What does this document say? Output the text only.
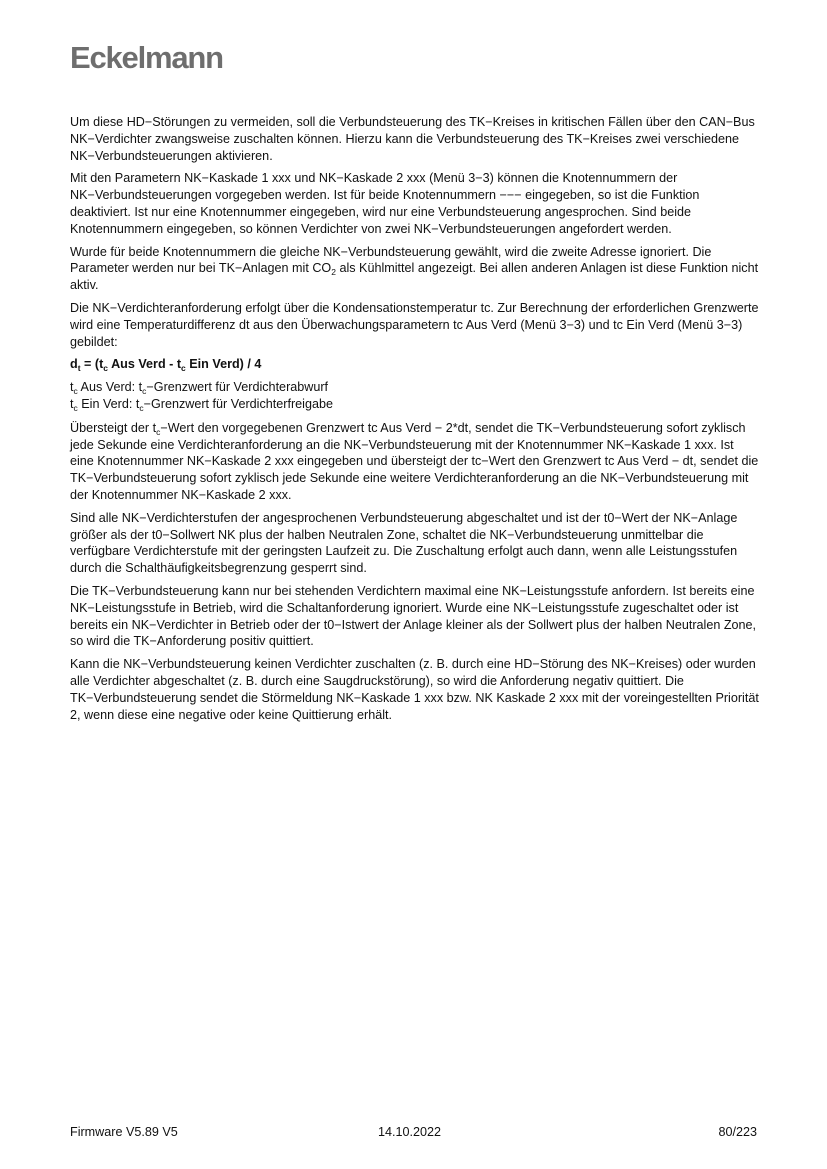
Eckelmann

Um diese HD−Störungen zu vermeiden, soll die Verbundsteuerung des TK−Kreises in kritischen Fällen über den CAN−Bus NK−Verdichter zwangsweise zuschalten können. Hierzu kann die Verbundsteuerung des TK−Kreises zwei verschiedene NK−Verbundsteuerungen aktivieren.

Mit den Parametern NK−Kaskade 1 xxx und NK−Kaskade 2 xxx (Menü 3−3) können die Knotennummern der NK−Verbundsteuerungen vorgegeben werden. Ist für beide Knotennummern −−− eingegeben, so ist die Funktion deaktiviert. Ist nur eine Knotennummer eingegeben, wird nur eine Verbundsteuerung angesprochen. Sind beide Knotennummern eingegeben, so können Verdichter von zwei NK−Verbundsteuerungen angefordert werden.

Wurde für beide Knotennummern die gleiche NK−Verbundsteuerung gewählt, wird die zweite Adresse ignoriert. Die Parameter werden nur bei TK−Anlagen mit $CO_2$ als Kühlmittel angezeigt. Bei allen anderen Anlagen ist diese Funktion nicht aktiv.

Die NK−Verdichteranforderung erfolgt über die Kondensationstemperatur tc. Zur Berechnung der erforderlichen Grenzwerte wird eine Temperaturdifferenz dt aus den Überwachungsparametern tc Aus Verd (Menü 3−3) und tc Ein Verd (Menü 3−3) gebildet:

$d_t = (t_c$ Aus Verd - $t_c$ Ein Verd) / 4

$t_c$ Aus Verd: $t_c-Grenzwert$ für Verdichterabwurf

$t_c$ Ein Verd: $t_c-Grenzwert$ für Verdichterfreigabe

Übersteigt der $t_c-Wert$ den vorgegebenen Grenzwert tc Aus Verd − 2*dt, sendet die TK−Verbundsteuerung sofort zyklisch jede Sekunde eine Verdichteranforderung an die NK−Verbundsteuerung mit der Knotennummer NK−Kaskade 1 xxx. Ist eine Knotennummer NK−Kaskade 2 xxx eingegeben und übersteigt der tc−Wert den Grenzwert tc Aus Verd − dt, sendet die TK−Verbundsteuerung sofort zyklisch jede Sekunde eine weitere Verdichteranforderung an die NK−Verbundsteuerung mit der Knotennummer NK−Kaskade 2 xxx.

Sind alle NK−Verdichterstufen der angesprochenen Verbundsteuerung abgeschaltet und ist der t0−Wert der NK−Anlage größer als der t0−Sollwert NK plus der halben Neutralen Zone, schaltet die NK−Verbundsteuerung unmittelbar die verfügbare Verdichterstufe mit der geringsten Laufzeit zu. Die Zuschaltung erfolgt auch dann, wenn alle Leistungsstufen durch die Schalthäufigkeitsbegrenzung gesperrt sind.

Die TK−Verbundsteuerung kann nur bei stehenden Verdichtern maximal eine NK−Leistungsstufe anfordern. Ist bereits eine NK−Leistungsstufe in Betrieb, wird die Schaltanforderung ignoriert. Wurde eine NK−Leistungsstufe zugeschaltet oder ist bereits ein NK−Verdichter in Betrieb oder der t0−Istwert der Anlage kleiner als der Sollwert plus der halben Neutralen Zone, so wird die TK−Anforderung positiv quittiert.

Kann die NK−Verbundsteuerung keinen Verdichter zuschalten (z. B. durch eine HD−Störung des NK−Kreises) oder wurden alle Verdichter abgeschaltet (z. B. durch eine Saugdruckstörung), so wird die Anforderung negativ quittiert. Die TK−Verbundsteuerung sendet die Störmeldung NK−Kaskade 1 xxx bzw. NK Kaskade 2 xxx mit der voreingestellten Priorität 2, wenn diese eine negative oder keine Quittierung erhält.

Firmware V5.89 V5	14.10.2022	80/223
